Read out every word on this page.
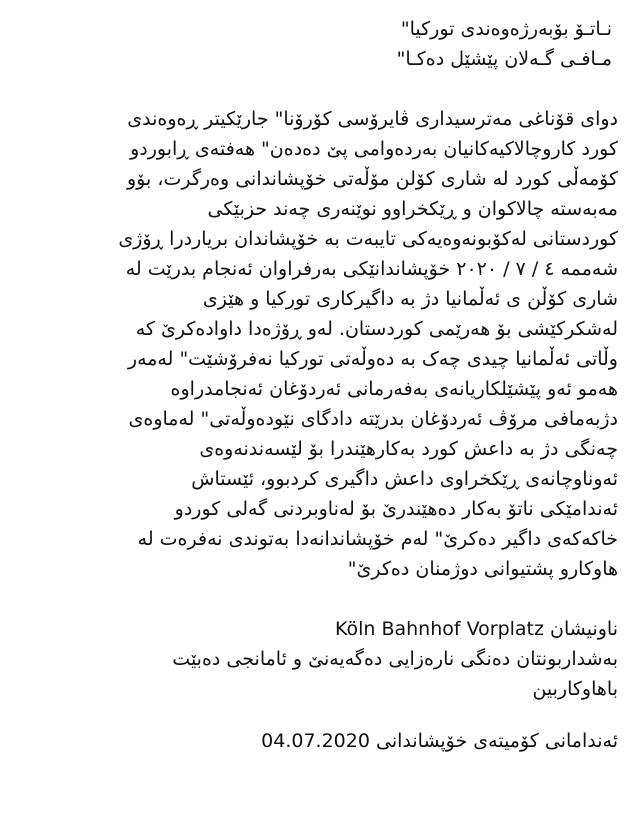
نـاتـۆ بۆبەرژەوەندی تورکیا"
مـافـی گـەلان پێشێل دەکـا"
دوای قۆناغی مەترسیداری ڤایرۆسی کۆرۆنا" جارێکیتر ڕەوەندی
کورد کاروچالاکیەکانیان بەردەوامی پێ دەدەن" هەفتەی ڕابوردو
کۆمەڵی کورد لە شاری کۆلن مۆڵەتی خۆپشاندانی وەرگرت، بۆو
مەبەستە چالاکوان و ڕێکخراوو نوێنەری چەند حزبێکی
کوردستانی لەکۆبونەوەیەکی تایبەت بە خۆپشاندان بریاردرا ڕۆژی
شەممە ٤ / ٧ / ٢٠٢٠ خۆپشاندانێکی بەرفراوان ئەنجام بدرێت لە
شاری کۆڵن ی ئەڵمانیا دژ بە داگیرکاری تورکیا و هێزی
لەشکرکێشی بۆ هەرێمی کوردستان. لەو ڕۆژەدا داوادەکرێ کە
وڵاتی ئەڵمانیا چیدی چەک بە دەوڵەتی تورکیا نەفرۆشێت" لەمەر
هەمو ئەو پێشێلکاریانەی بەفەرمانی ئەردۆغان ئەنجامدراوە
دژبەمافی مرۆڤ ئەردۆغان بدرێتە دادگای نێودەوڵەتی" لەماوەی
چەنگی دژ بە داعش کورد بەکارهێندرا بۆ لێسەندنەوەی
ئەوناوچانەی ڕێکخراوی داعش داگیری کردبوو، ئێستاش
ئەندامێکی ناتۆ بەکار دەهێندرێ بۆ لەناوبردنی گەلی کوردو
خاکەکەی داگیر دەکرێ" لەم خۆپشاندانەدا بەتوندی نەفرەت لە
هاوکارو پشتیوانی دوژمنان دەکرێ"
ناونیشان Köln Bahnhof Vorplatz
بەشداربونتان دەنگی نارەزایی دەگەیەنێ و ئامانجی دەبێت
باهاوکاربین
ئەندامانی کۆمیتەی خۆپشاندانی 04.07.2020
